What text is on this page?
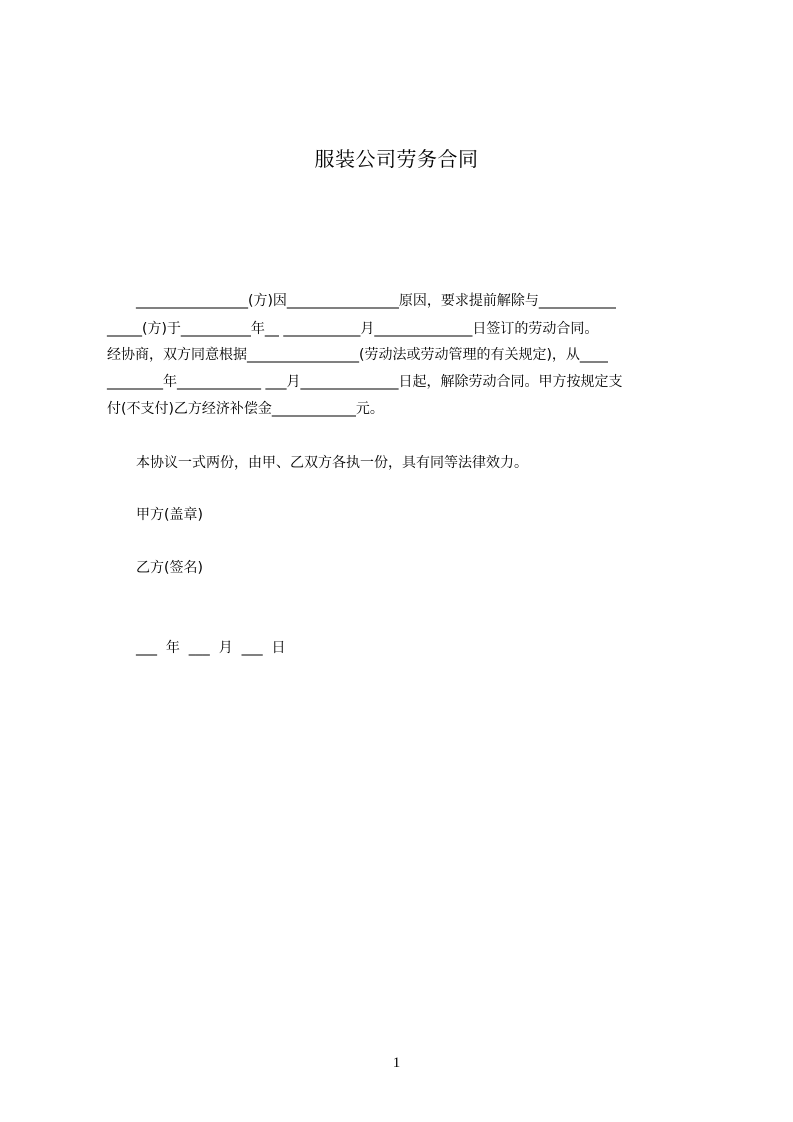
服装公司劳务合同
________________(方)因________________原因，要求提前解除与___________
_____(方)于__________年__ ___________月______________日签订的劳动合同。
经协商，双方同意根据________________(劳动法或劳动管理的有关规定)，从____
________年____________ ___月______________日起，解除劳动合同。甲方按规定支
付(不支付)乙方经济补偿金____________元。
本协议一式两份，由甲、乙双方各执一份，具有同等法律效力。
甲方(盖章)
乙方(签名)
___  年  ___  月  ___  日
1
